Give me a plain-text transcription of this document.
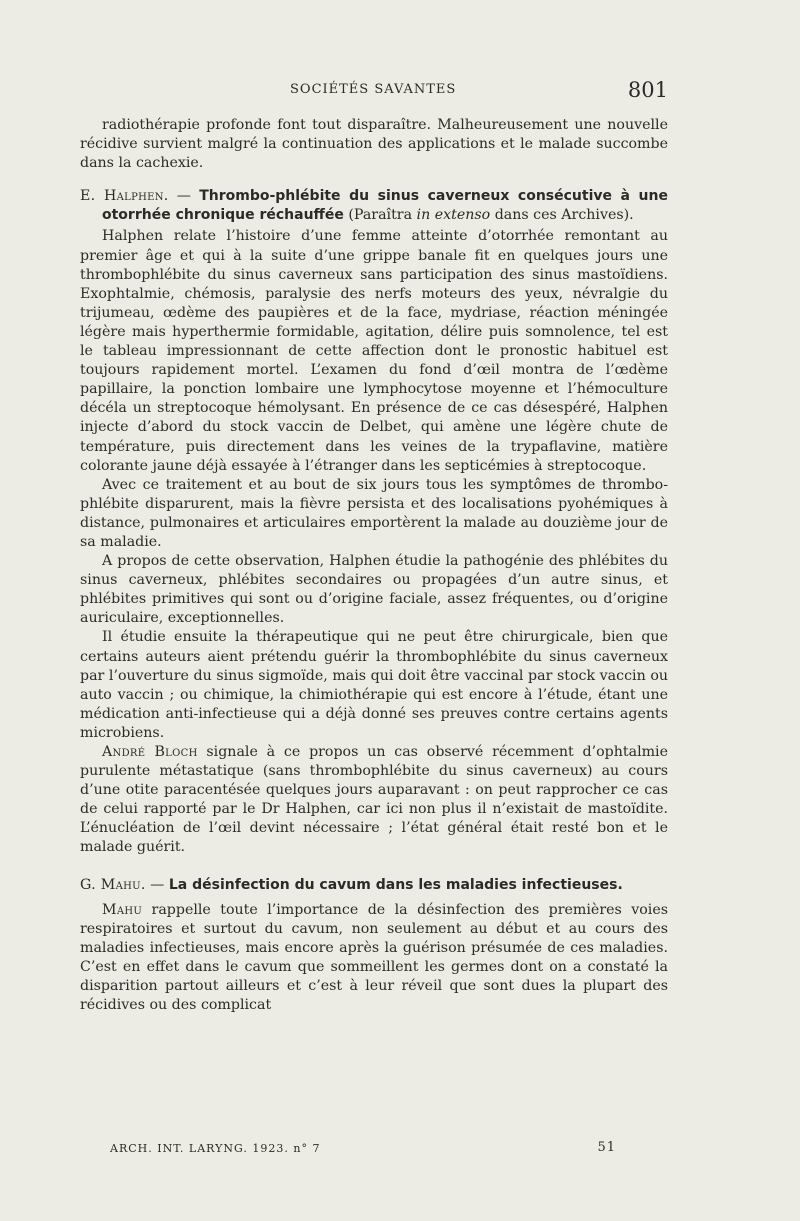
SOCIÉTÉS SAVANTES	801

radiothérapie profonde font tout disparaître. Malheureusement une nouvelle récidive survient malgré la continuation des applications et le malade succombe dans la cachexie.

E. Halphen. — Thrombo-phlébite du sinus caverneux consécutive à une otorrhée chronique réchauffée (Paraîtra in extenso dans ces Archives).

Halphen relate l’histoire d’une femme atteinte d’otorrhée remontant au premier âge et qui à la suite d’une grippe banale fit en quelques jours une thrombophlébite du sinus caverneux sans participation des sinus mastoïdiens. Exophtalmie, chémosis, paralysie des nerfs moteurs des yeux, névralgie du trijumeau, œdème des paupières et de la face, mydriase, réaction méningée légère mais hyperthermie formidable, agitation, délire puis somnolence, tel est le tableau impressionnant de cette affection dont le pronostic habituel est toujours rapidement mortel. L’examen du fond d’œil montra de l’œdème papillaire, la ponction lombaire une lymphocytose moyenne et l’hémoculture décéla un streptocoque hémolysant. En présence de ce cas désespéré, Halphen injecte d’abord du stock vaccin de Delbet, qui amène une légère chute de température, puis directement dans les veines de la trypaflavine, matière colorante jaune déjà essayée à l’étranger dans les septicémies à streptocoque.

Avec ce traitement et au bout de six jours tous les symptômes de thrombo-phlébite disparurent, mais la fièvre persista et des localisations pyohémiques à distance, pulmonaires et articulaires emportèrent la malade au douzième jour de sa maladie.

A propos de cette observation, Halphen étudie la pathogénie des phlébites du sinus caverneux, phlébites secondaires ou propagées d’un autre sinus, et phlébites primitives qui sont ou d’origine faciale, assez fréquentes, ou d’origine auriculaire, exceptionnelles.

Il étudie ensuite la thérapeutique qui ne peut être chirurgicale, bien que certains auteurs aient prétendu guérir la thrombophlébite du sinus caverneux par l’ouverture du sinus sigmoïde, mais qui doit être vaccinal par stock vaccin ou auto vaccin ; ou chimique, la chimiothérapie qui est encore à l’étude, étant une médication anti-infectieuse qui a déjà donné ses preuves contre certains agents microbiens.

André Bloch signale à ce propos un cas observé récemment d’ophtalmie purulente métastatique (sans thrombophlébite du sinus caverneux) au cours d’une otite paracentésée quelques jours auparavant : on peut rapprocher ce cas de celui rapporté par le Dr Halphen, car ici non plus il n’existait de mastoïdite. L’énucléation de l’œil devint nécessaire ; l’état général était resté bon et le malade guérit.

G. Mahu. — La désinfection du cavum dans les maladies infectieuses.

Mahu rappelle toute l’importance de la désinfection des premières voies respiratoires et surtout du cavum, non seulement au début et au cours des maladies infectieuses, mais encore après la guérison présumée de ces maladies. C’est en effet dans le cavum que sommeillent les germes dont on a constaté la disparition partout ailleurs et c’est à leur réveil que sont dues la plupart des récidives ou des complicat

ARCH. INT. LARYNG. 1923. n° 7	51
